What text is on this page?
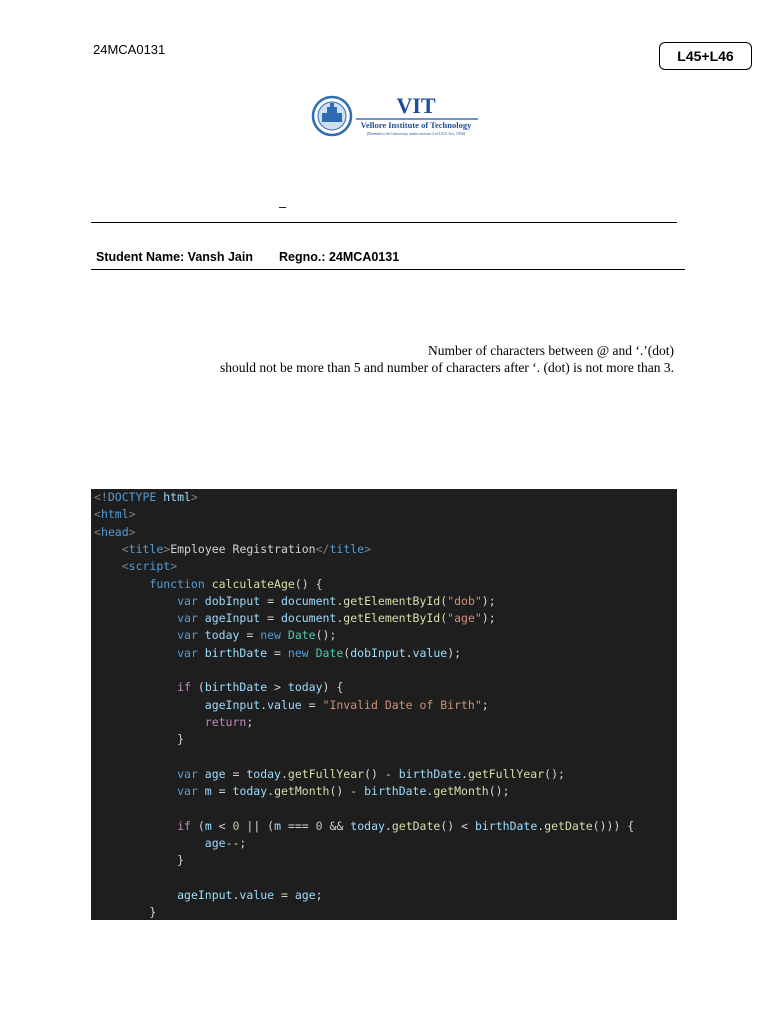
24MCA0131	L45+L46
VIT
Vellore Institute of Technology
(Deemed to be University under section 3 of UGC Act, 1956)
–
Student Name: Vansh Jain Regno.: 24MCA0131
Number of characters between @ and ‘.’(dot)
should not be more than 5 and number of characters after ‘. (dot) is not more than 3.
<!DOCTYPE html>
<html>
<head>
<title>Employee Registration</title>
<script>
function calculateAge() {
var dobInput = document.getElementById("dob");
var ageInput = document.getElementById("age");
var today = new Date();
var birthDate = new Date(dobInput.value);
if (birthDate > today) {
ageInput.value = "Invalid Date of Birth";
return;
}
var age = today.getFullYear() - birthDate.getFullYear();
var m = today.getMonth() - birthDate.getMonth();
if (m < 0 || (m === 0 && today.getDate() < birthDate.getDate())) {
age--;
}
ageInput.value = age;
}
